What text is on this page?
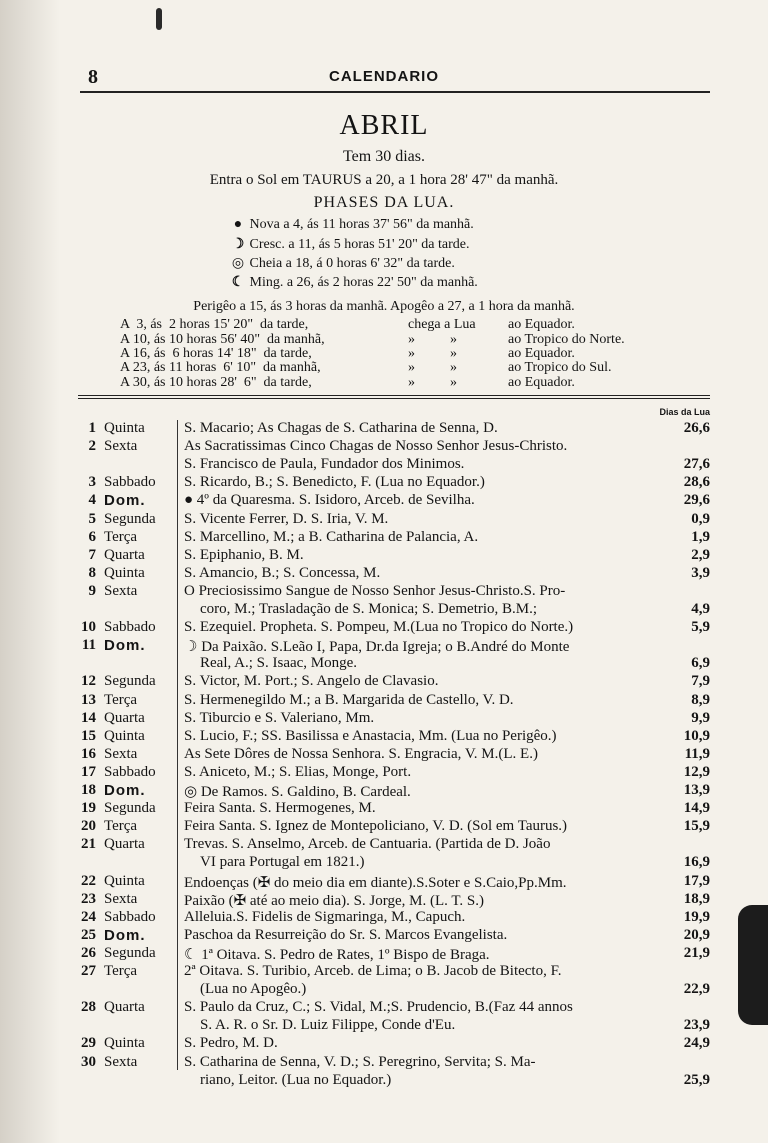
8	CALENDARIO
ABRIL
Tem 30 dias.
Entra o Sol em TAURUS a 20, a 1 hora 28' 47" da manhã.
PHASES DA LUA.
● Nova a 4, ás 11 horas 37' 56" da manhã.
☽ Cresc. a 11, ás 5 horas 51' 20" da tarde.
◎ Cheia a 18, á 0 horas 6' 32" da tarde.
☾ Ming. a 26, ás 2 horas 22' 50" da manhã.
Perigêo a 15, ás 3 horas da manhã. Apogêo a 27, a 1 hora da manhã.
A  3, ás  2 horas 15' 20"  da tarde,	chega a Lua ao Equador.
A 10, ás 10 horas 56' 40"  da manhã,	»          »	ao Tropico do Norte.
A 16, ás  6 horas 14' 18"  da tarde,	»          »	ao Equador.
A 23, ás 11 horas  6' 10"  da manhã,	»          »	ao Tropico do Sul.
A 30, ás 10 horas 28'  6"  da tarde,	»          »	ao Equador.
Dias da Lua
1 Quinta	S. Macario; As Chagas de S. Catharina de Senna, D.	26,6
2 Sexta	As Sacratissimas Cinco Chagas de Nosso Senhor Jesus-Christo.
S. Francisco de Paula, Fundador dos Minimos.	27,6
3 Sabbado S. Ricardo, B.; S. Benedicto, F. (Lua no Equador.)	28,6
4 Dom.	● 4º da Quaresma. S. Isidoro, Arceb. de Sevilha.	29,6
5 Segunda S. Vicente Ferrer, D. S. Iria, V. M.	0,9
6 Terça	S. Marcellino, M.; a B. Catharina de Palancia, A.	1,9
7 Quarta	S. Epiphanio, B. M.	2,9
8 Quinta	S. Amancio, B.; S. Concessa, M.	3,9
9 Sexta	O Preciosissimo Sangue de Nosso Senhor Jesus-Christo.S. Pro-
coro, M.; Trasladação de S. Monica; S. Demetrio, B.M.;	4,9
10 Sabbado S. Ezequiel. Propheta. S. Pompeu, M.(Lua no Tropico do Norte.)	5,9
11 Dom.	☽ Da Paixão. S.Leão I, Papa, Dr.da Igreja; o B.André do Monte
Real, A.; S. Isaac, Monge.	6,9
12 Segunda S. Victor, M. Port.; S. Angelo de Clavasio.	7,9
13 Terça	S. Hermenegildo M.; a B. Margarida de Castello, V. D.	8,9
14 Quarta	S. Tiburcio e S. Valeriano, Mm.	9,9
15 Quinta	S. Lucio, F.; SS. Basilissa e Anastacia, Mm. (Lua no Perigêo.)	10,9
16 Sexta	As Sete Dôres de Nossa Senhora. S. Engracia, V. M.(L. E.)	11,9
17 Sabbado S. Aniceto, M.; S. Elias, Monge, Port.	12,9
18 Dom.	◎ De Ramos. S. Galdino, B. Cardeal.	13,9
19 Segunda Feira Santa. S. Hermogenes, M.	14,9
20 Terça	Feira Santa. S. Ignez de Montepoliciano, V. D. (Sol em Taurus.)	15,9
21 Quarta	Trevas. S. Anselmo, Arceb. de Cantuaria. (Partida de D. João
VI para Portugal em 1821.)	16,9
22 Quinta	Endoenças (✠ do meio dia em diante).S.Soter e S.Caio,Pp.Mm.	17,9
23 Sexta	Paixão (✠ até ao meio dia). S. Jorge, M. (L. T. S.)	18,9
24 Sabbado Alleluia.S. Fidelis de Sigmaringa, M., Capuch.	19,9
25 Dom.	Paschoa da Resurreição do Sr. S. Marcos Evangelista.	20,9
26 Segunda ☾ 1ª Oitava. S. Pedro de Rates, 1º Bispo de Braga.	21,9
27 Terça	2ª Oitava. S. Turibio, Arceb. de Lima; o B. Jacob de Bitecto, F.
(Lua no Apogêo.)	22,9
28 Quarta	S. Paulo da Cruz, C.; S. Vidal, M.;S. Prudencio, B.(Faz 44 annos
S. A. R. o Sr. D. Luiz Filippe, Conde d'Eu.	23,9
29 Quinta	S. Pedro, M. D.	24,9
30 Sexta	S. Catharina de Senna, V. D.; S. Peregrino, Servita; S. Ma-
riano, Leitor. (Lua no Equador.)	25,9
